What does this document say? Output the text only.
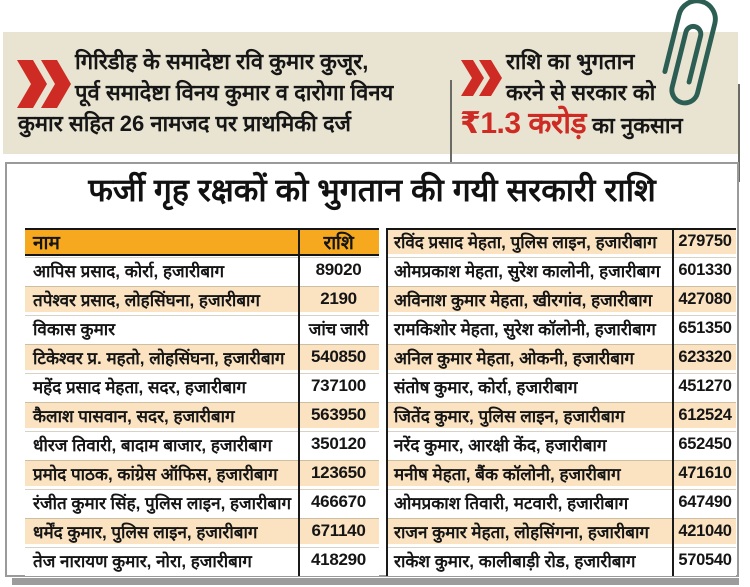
गिरिडीह के समादेष्टा रवि कुमार कुजूर,
पूर्व समादेष्टा विनय कुमार व दारोगा विनय
कुमार सहित 26 नामजद पर प्राथमिकी दर्ज
राशि का भुगतान
करने से सरकार को
₹1.3 करोड़ का नुकसान
फर्जी गृह रक्षकों को भुगतान की गयी सरकारी राशि
नाम	राशि
आपिस प्रसाद, कोर्रा, हजारीबाग	89020
तपेश्वर प्रसाद, लोहसिंघना, हजारीबाग	2190
विकास कुमार	जांच जारी
टिकेश्वर प्र. महतो, लोहसिंघना, हजारीबाग	540850
महेंद प्रसाद मेहता, सदर, हजारीबाग	737100
कैलाश पासवान, सदर, हजारीबाग	563950
धीरज तिवारी, बादाम बाजार, हजारीबाग	350120
प्रमोद पाठक, कांग्रेस ऑफिस, हजारीबाग	123650
रंजीत कुमार सिंह, पुलिस लाइन, हजारीबाग	466670
धर्मेंद कुमार, पुलिस लाइन, हजारीबाग	671140
तेज नारायण कुमार, नोरा, हजारीबाग	418290
रविंद प्रसाद मेहता, पुलिस लाइन, हजारीबाग	279750
ओमप्रकाश मेहता, सुरेश कालोनी, हजारीबाग	601330
अविनाश कुमार मेहता, खीरगांव, हजारीबाग	427080
रामकिशोर मेहता, सुरेश कॉलोनी, हजारीबाग	651350
अनिल कुमार मेहता, ओकनी, हजारीबाग	623320
संतोष कुमार, कोर्रा, हजारीबाग	451270
जितेंद कुमार, पुलिस लाइन, हजारीबाग	612524
नरेंद कुमार, आरक्षी केंद, हजारीबाग	652450
मनीष मेहता, बैंक कॉलोनी, हजारीबाग	471610
ओमप्रकाश तिवारी, मटवारी, हजारीबाग	647490
राजन कुमार मेहता, लोहसिंगना, हजारीबाग	421040
राकेश कुमार, कालीबाड़ी रोड, हजारीबाग	570540
